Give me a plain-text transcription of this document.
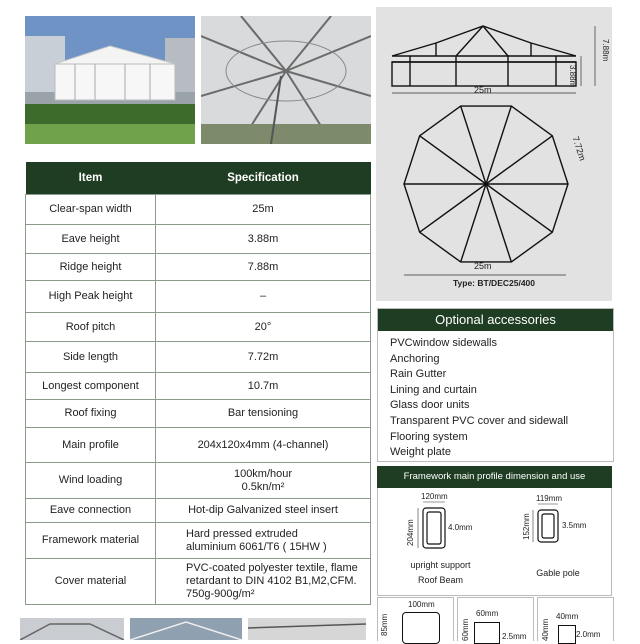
3.88m
7.88m
25m
7.72m
25m
Type: BT/DEC25/400
Item	Specification
Clear-span width	25m
Eave height	3.88m
Ridge height	7.88m
High Peak height	–
Roof pitch	20°
Side length	7.72m
Longest component	10.7m
Roof fixing	Bar tensioning
Main profile	204x120x4mm (4-channel)
Wind loading	100km/hour
0.5kn/m²

Eave connection	Hot-dip Galvanized steel insert
Framework material	Hard pressed extruded
aluminium 6061/T6 ( 15HW )

Cover material	PVC-coated polyester textile, flame
retardant to DIN 4102 B1,M2,CFM.
750g-900g/m²
Optional accessories
PVCwindow sidewalls
Anchoring
Rain Gutter
Lining and curtain
Glass door units
Transparent PVC cover and sidewall
Flooring system
Weight plate
Framework main profile dimension and use
120mm
204mm	4.0mm
upright support
Roof Beam
119mm
152mm	3.5mm
Gable pole
100mm
85mm
60mm
60mm	2.5mm
40mm
40mm	2.0mm
